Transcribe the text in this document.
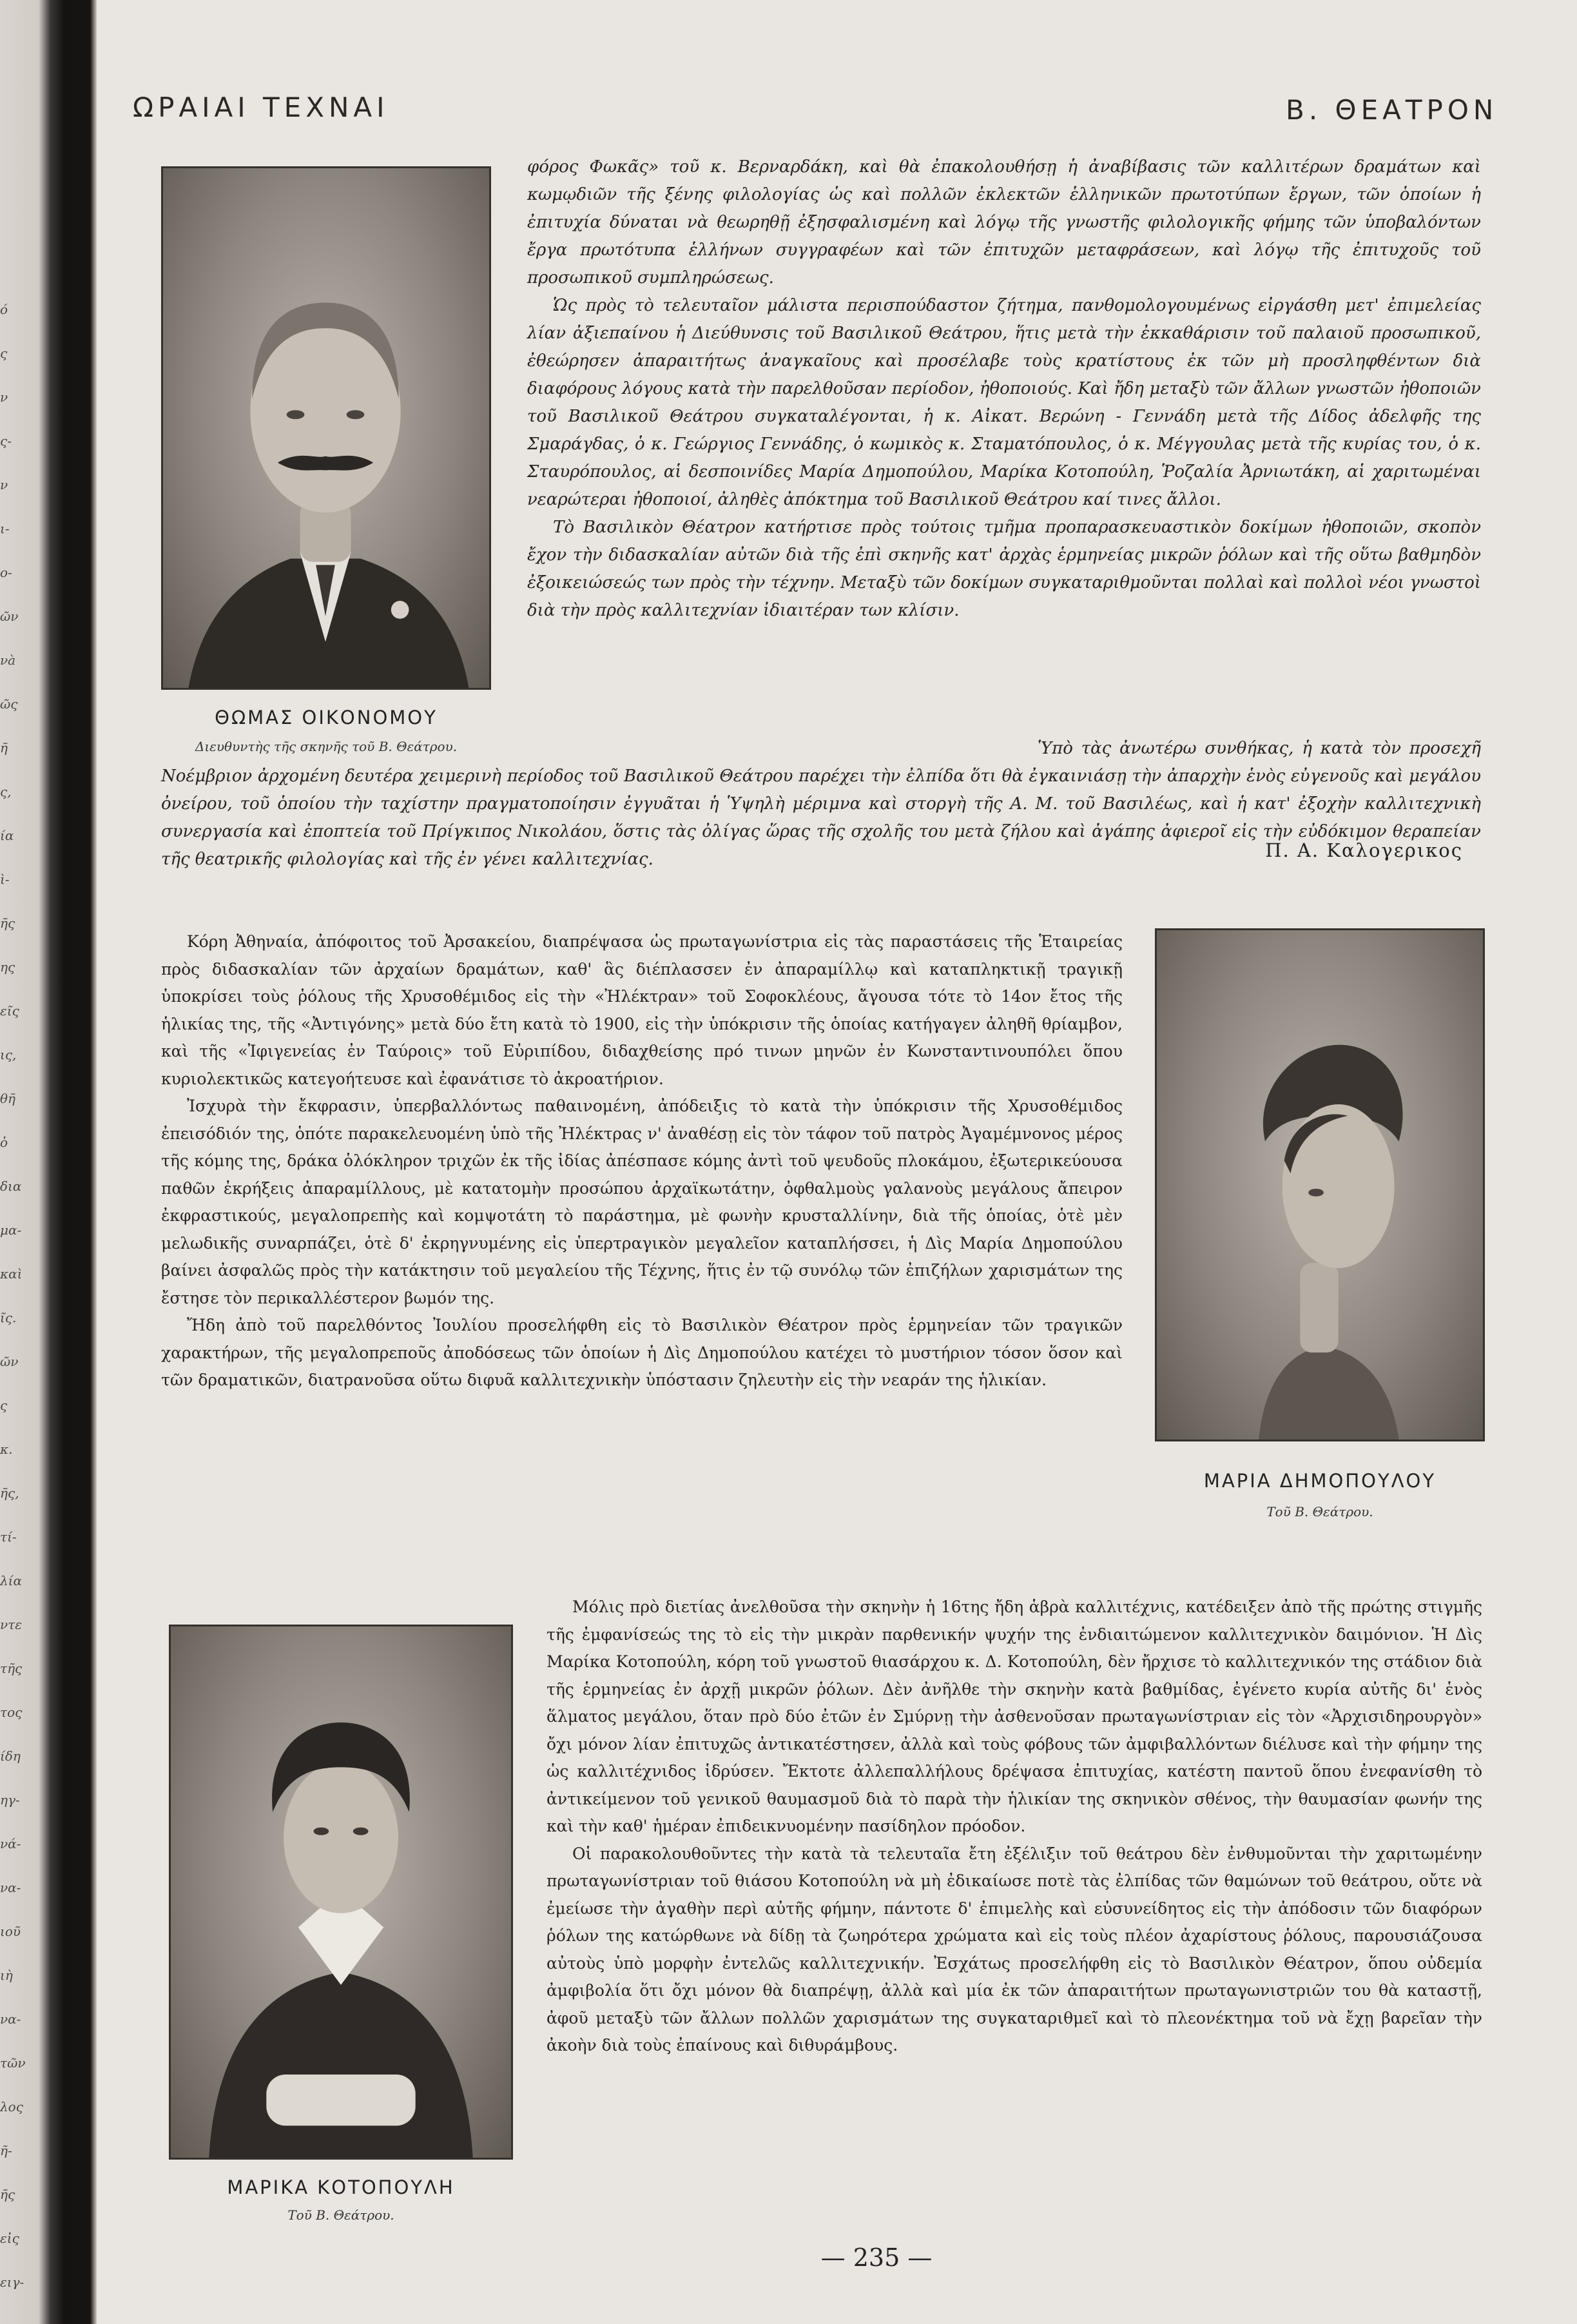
ό
ς
ν
ς-
ν
ι-
ο-
ῶν
νà
ῶς
ῆ
ς,
ία
ὶ-
ῆς
ης
εῖς
ις,
θῆ
ὁ
δια
μα-
καὶ
ῖς.
ῶν
ς
κ.
ῆς,
τί-
λία
ντε
τῆς
τος
ίδη
ηγ-
νά-
να-
ιοῦ
ιὴ
να-
τῶν
λος
ῆ-
ῆς
εἰς
ειγ-
ΩΡΑΙΑΙ ΤΕΧΝΑΙ	Β. ΘΕΑΤΡΟΝ
ΘΩΜΑΣ ΟΙΚΟΝΟΜΟΥ
Διευθυντὴς τῆς σκηνῆς τοῦ Β. Θεάτρου.

φόρος Φωκᾶς» τοῦ κ. Βερναρδάκη, καὶ θὰ ἐπακολουθήσῃ ἡ ἀναβίβασις τῶν καλλιτέρων δραμάτων καὶ κωμῳδιῶν τῆς ξένης φιλολογίας ὡς καὶ πολλῶν ἐκλεκτῶν ἑλληνικῶν πρωτοτύπων ἔργων, τῶν ὁποίων ἡ ἐπιτυχία δύναται νὰ θεωρηθῇ ἐξησφαλισμένη καὶ λόγῳ τῆς γνωστῆς φιλολογικῆς φήμης τῶν ὑποβαλόντων ἔργα πρωτότυπα ἑλλήνων συγγραφέων καὶ τῶν ἐπιτυχῶν μεταφράσεων, καὶ λόγῳ τῆς ἐπιτυχοῦς τοῦ προσωπικοῦ συμπληρώσεως.

Ὡς πρὸς τὸ τελευταῖον μάλιστα περισπούδαστον ζήτημα, πανθομολογουμένως εἰργάσθη μετ' ἐπιμελείας λίαν ἀξιεπαίνου ἡ Διεύθυνσις τοῦ Βασιλικοῦ Θεάτρου, ἥτις μετὰ τὴν ἐκκαθάρισιν τοῦ παλαιοῦ προσωπικοῦ, ἐθεώρησεν ἀπαραιτήτως ἀναγκαῖους καὶ προσέλαβε τοὺς κρατίστους ἐκ τῶν μὴ προσληφθέντων διὰ διαφόρους λόγους κατὰ τὴν παρελθοῦσαν περίοδον, ἠθοποιούς. Καὶ ἤδη μεταξὺ τῶν ἄλλων γνωστῶν ἠθοποιῶν τοῦ Βασιλικοῦ Θεάτρου συγκαταλέγονται, ἡ κ. Αἰκατ. Βερώνη - Γεννάδη μετὰ τῆς Δίδος ἀδελφῆς της Σμαράγδας, ὁ κ. Γεώργιος Γεννάδης, ὁ κωμικὸς κ. Σταματόπουλος, ὁ κ. Μέγγουλας μετὰ τῆς κυρίας του, ὁ κ. Σταυρόπουλος, αἱ δεσποινίδες Μαρία Δημοπούλου, Μαρίκα Κοτοπούλη, Ῥοζαλία Ἀρνιωτάκη, αἱ χαριτωμέναι νεαρώτεραι ἠθοποιοί, ἀληθὲς ἀπόκτημα τοῦ Βασιλικοῦ Θεάτρου καί τινες ἄλλοι.

Τὸ Βασιλικὸν Θέατρον κατήρτισε πρὸς τούτοις τμῆμα προπαρασκευαστικὸν δοκίμων ἠθοποιῶν, σκοπὸν ἔχον τὴν διδασκαλίαν αὐτῶν διὰ τῆς ἐπὶ σκηνῆς κατ' ἀρχὰς ἑρμηνείας μικρῶν ῥόλων καὶ τῆς οὕτω βαθμηδὸν ἐξοικειώσεώς των πρὸς τὴν τέχνην. Μεταξὺ τῶν δοκίμων συγκαταριθμοῦνται πολλαὶ καὶ πολλοὶ νέοι γνωστοὶ διὰ τὴν πρὸς καλλιτεχνίαν ἰδιαιτέραν των κλίσιν.

Ὑπὸ τὰς ἀνωτέρω συνθήκας, ἡ κατὰ τὸν προσεχῆ Νοέμβριον ἀρχομένη δευτέρα χειμερινὴ περίοδος τοῦ Βασιλικοῦ Θεάτρου παρέχει τὴν ἐλπίδα ὅτι θὰ ἐγκαινιάσῃ τὴν ἀπαρχὴν ἑνὸς εὐγενοῦς καὶ μεγάλου ὀνείρου, τοῦ ὁποίου τὴν ταχίστην πραγματοποίησιν ἐγγυᾶται ἡ Ὑψηλὴ μέριμνα καὶ στοργὴ τῆς Α. Μ. τοῦ Βασιλέως, καὶ ἡ κατ' ἐξοχὴν καλλιτεχνικὴ συνεργασία καὶ ἐποπτεία τοῦ Πρίγκιπος Νικολάου, ὅστις τὰς ὀλίγας ὥρας τῆς σχολῆς του μετὰ ζήλου καὶ ἀγάπης ἀφιεροῖ εἰς τὴν εὐδόκιμον θεραπείαν τῆς θεατρικῆς φιλολογίας καὶ τῆς ἐν γένει καλλιτεχνίας.	Π. Α. Καλογερικος

Κόρη Ἀθηναία, ἀπόφοιτος τοῦ Ἀρσακείου, διαπρέψασα ὡς πρωταγωνίστρια εἰς τὰς παραστάσεις τῆς Ἑταιρείας πρὸς διδασκαλίαν τῶν ἀρχαίων δραμάτων, καθ' ἃς διέπλασσεν ἐν ἀπαραμίλλῳ καὶ καταπληκτικῇ τραγικῇ ὑποκρίσει τοὺς ῥόλους τῆς Χρυσοθέμιδος εἰς τὴν «Ἠλέκτραν» τοῦ Σοφοκλέους, ἄγουσα τότε τὸ 14ον ἔτος τῆς ἡλικίας της, τῆς «Ἀντιγόνης» μετὰ δύο ἔτη κατὰ τὸ 1900, εἰς τὴν ὑπόκρισιν τῆς ὁποίας κατήγαγεν ἀληθῆ θρίαμβον, καὶ τῆς «Ἰφιγενείας ἐν Ταύροις» τοῦ Εὐριπίδου, διδαχθείσης πρό τινων μηνῶν ἐν Κωνσταντινουπόλει ὅπου κυριολεκτικῶς κατεγοήτευσε καὶ ἐφανάτισε τὸ ἀκροατήριον.

Ἰσχυρὰ τὴν ἔκφρασιν, ὑπερβαλλόντως παθαινομένη, ἀπόδειξις τὸ κατὰ τὴν ὑπόκρισιν τῆς Χρυσοθέμιδος ἐπεισόδιόν της, ὁπότε παρακελευομένη ὑπὸ τῆς Ἠλέκτρας ν' ἀναθέσῃ εἰς τὸν τάφον τοῦ πατρὸς Ἀγαμέμνονος μέρος τῆς κόμης της, δράκα ὁλόκληρον τριχῶν ἐκ τῆς ἰδίας ἀπέσπασε κόμης ἀντὶ τοῦ ψευδοῦς πλοκάμου, ἐξωτερικεύουσα παθῶν ἐκρήξεις ἀπαραμίλλους, μὲ κατατομὴν προσώπου ἀρχαϊκωτάτην, ὀφθαλμοὺς γαλανοὺς μεγάλους ἄπειρον ἐκφραστικούς, μεγαλοπρεπὴς καὶ κομψοτάτη τὸ παράστημα, μὲ φωνὴν κρυσταλλίνην, διὰ τῆς ὁποίας, ὁτὲ μὲν μελωδικῆς συναρπάζει, ὁτὲ δ' ἐκρηγνυμένης εἰς ὑπερτραγικὸν μεγαλεῖον καταπλήσσει, ἡ Δὶς Μαρία Δημοπούλου βαίνει ἀσφαλῶς πρὸς τὴν κατάκτησιν τοῦ μεγαλείου τῆς Τέχνης, ἥτις ἐν τῷ συνόλῳ τῶν ἐπιζήλων χαρισμάτων της ἔστησε τὸν περικαλλέστερον βωμόν της.

Ἤδη ἀπὸ τοῦ παρελθόντος Ἰουλίου προσελήφθη εἰς τὸ Βασιλικὸν Θέατρον πρὸς ἑρμηνείαν τῶν τραγικῶν χαρακτήρων, τῆς μεγαλοπρεποῦς ἀποδόσεως τῶν ὁποίων ἡ Δὶς Δημοπούλου κατέχει τὸ μυστήριον τόσον ὅσον καὶ τῶν δραματικῶν, διατρανοῦσα οὕτω διφυᾶ καλλιτεχνικὴν ὑπόστασιν ζηλευτὴν εἰς τὴν νεαράν της ἡλικίαν.

ΜΑΡΙΑ ΔΗΜΟΠΟΥΛΟΥ
Τοῦ Β. Θεάτρου.
ΜΑΡΙΚΑ ΚΟΤΟΠΟΥΛΗ
Τοῦ Β. Θεάτρου.

Μόλις πρὸ διετίας ἀνελθοῦσα τὴν σκηνὴν ἡ 16της ἤδη ἁβρὰ καλλιτέχνις, κατέδειξεν ἀπὸ τῆς πρώτης στιγμῆς τῆς ἐμφανίσεώς της τὸ εἰς τὴν μικρὰν παρθενικήν ψυχήν της ἐνδιαιτώμενον καλλιτεχνικὸν δαιμόνιον. Ἡ Δὶς Μαρίκα Κοτοπούλη, κόρη τοῦ γνωστοῦ θιασάρχου κ. Δ. Κοτοπούλη, δὲν ἤρχισε τὸ καλλιτεχνικόν της στάδιον διὰ τῆς ἑρμηνείας ἐν ἀρχῇ μικρῶν ῥόλων. Δὲν ἀνῆλθε τὴν σκηνὴν κατὰ βαθμίδας, ἐγένετο κυρία αὐτῆς δι' ἑνὸς ἅλματος μεγάλου, ὅταν πρὸ δύο ἐτῶν ἐν Σμύρνῃ τὴν ἀσθενοῦσαν πρωταγωνίστριαν εἰς τὸν «Ἀρχισιδηρουργὸν» ὄχι μόνον λίαν ἐπιτυχῶς ἀντικατέστησεν, ἀλλὰ καὶ τοὺς φόβους τῶν ἀμφιβαλλόντων διέλυσε καὶ τὴν φήμην της ὡς καλλιτέχνιδος ἱδρύσεν. Ἔκτοτε ἀλλεπαλλήλους δρέψασα ἐπιτυχίας, κατέστη παντοῦ ὅπου ἐνεφανίσθη τὸ ἀντικείμενον τοῦ γενικοῦ θαυμασμοῦ διὰ τὸ παρὰ τὴν ἡλικίαν της σκηνικὸν σθένος, τὴν θαυμασίαν φωνήν της καὶ τὴν καθ' ἡμέραν ἐπιδεικνυομένην πασίδηλον πρόοδον.

Οἱ παρακολουθοῦντες τὴν κατὰ τὰ τελευταῖα ἔτη ἐξέλιξιν τοῦ θεάτρου δὲν ἐνθυμοῦνται τὴν χαριτωμένην πρωταγωνίστριαν τοῦ θιάσου Κοτοπούλη νὰ μὴ ἐδικαίωσε ποτὲ τὰς ἐλπίδας τῶν θαμώνων τοῦ θεάτρου, οὔτε νὰ ἐμείωσε τὴν ἀγαθὴν περὶ αὐτῆς φήμην, πάντοτε δ' ἐπιμελὴς καὶ εὐσυνείδητος εἰς τὴν ἀπόδοσιν τῶν διαφόρων ῥόλων της κατώρθωνε νὰ δίδῃ τὰ ζωηρότερα χρώματα καὶ εἰς τοὺς πλέον ἀχαρίστους ῥόλους, παρουσιάζουσα αὐτοὺς ὑπὸ μορφὴν ἐντελῶς καλλιτεχνικήν. Ἐσχάτως προσελήφθη εἰς τὸ Βασιλικὸν Θέατρον, ὅπου οὐδεμία ἀμφιβολία ὅτι ὄχι μόνον θὰ διαπρέψῃ, ἀλλὰ καὶ μία ἐκ τῶν ἀπαραιτήτων πρωταγωνιστριῶν του θὰ καταστῇ, ἀφοῦ μεταξὺ τῶν ἄλλων πολλῶν χαρισμάτων της συγκαταριθμεῖ καὶ τὸ πλεονέκτημα τοῦ νὰ ἔχῃ βαρεῖαν τὴν ἀκοὴν διὰ τοὺς ἐπαίνους καὶ διθυράμβους.

— 235 —
